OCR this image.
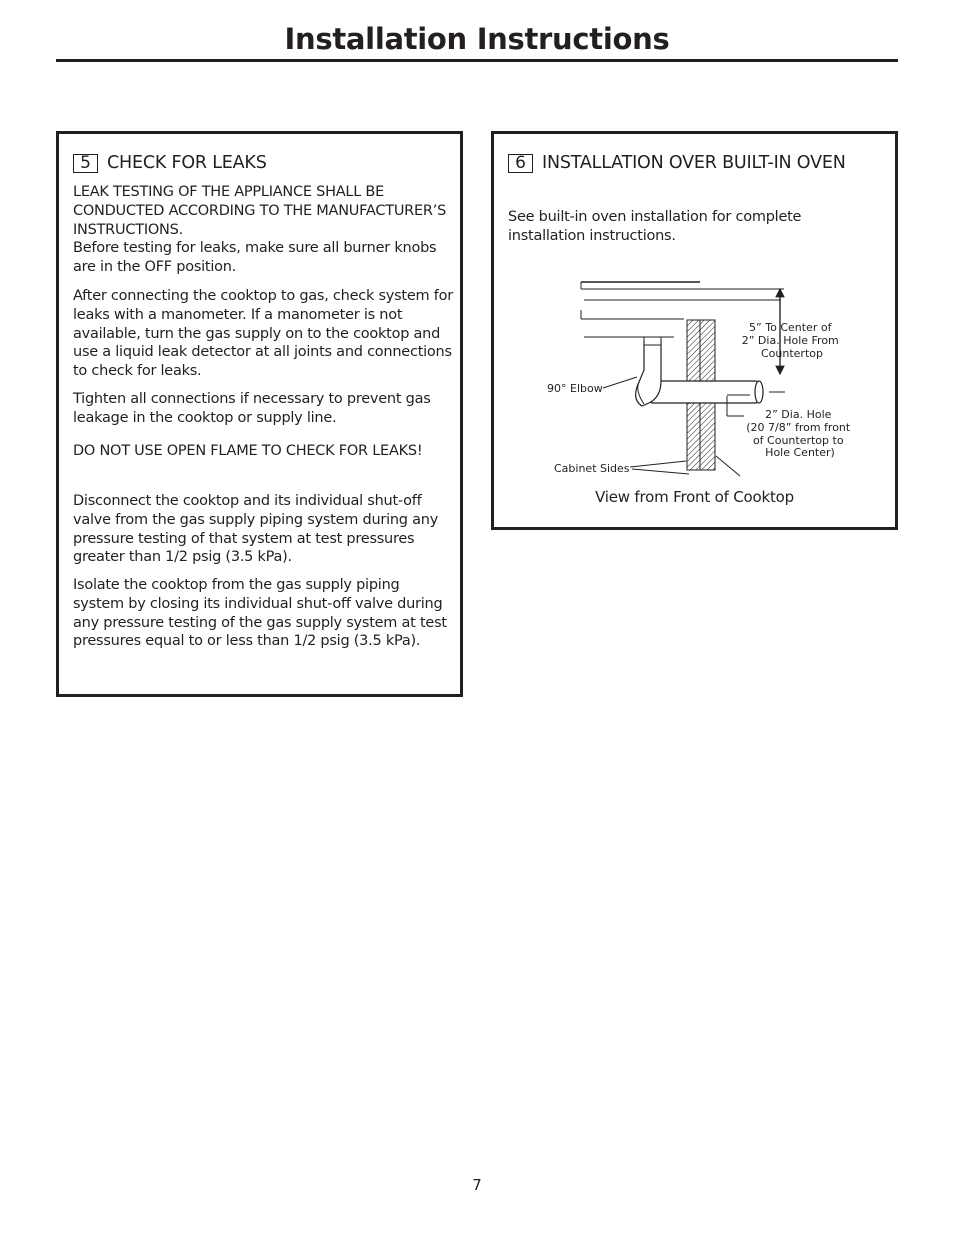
Installation Instructions
5 CHECK FOR LEAKS

LEAK TESTING OF THE APPLIANCE SHALL BE CONDUCTED ACCORDING TO THE MANUFACTURER’S INSTRUCTIONS.

Before testing for leaks, make sure all burner knobs are in the OFF position.

After connecting the cooktop to gas, check system for leaks with a manometer. If a manometer is not available, turn the gas supply on to the cooktop and use a liquid leak detector at all joints and connections to check for leaks.

Tighten all connections if necessary to prevent gas leakage in the cooktop or supply line.

DO NOT USE OPEN FLAME TO CHECK FOR LEAKS!

Disconnect the cooktop and its individual shut-off valve from the gas supply piping system during any pressure testing of that system at test pressures greater than 1/2 psig (3.5 kPa).

Isolate the cooktop from the gas supply piping system by closing its individual shut-off valve during any pressure testing of the gas supply system at test pressures equal to or less than 1/2 psig (3.5 kPa).

6 INSTALLATION OVER BUILT-IN OVEN

See built-in oven installation for complete installation instructions.

90° Elbow
Cabinet Sides
5” To Center of 2” Dia. Hole From Countertop
2” Dia. Hole (20 7/8” from front of Countertop to Hole Center)
View from Front of Cooktop
7
